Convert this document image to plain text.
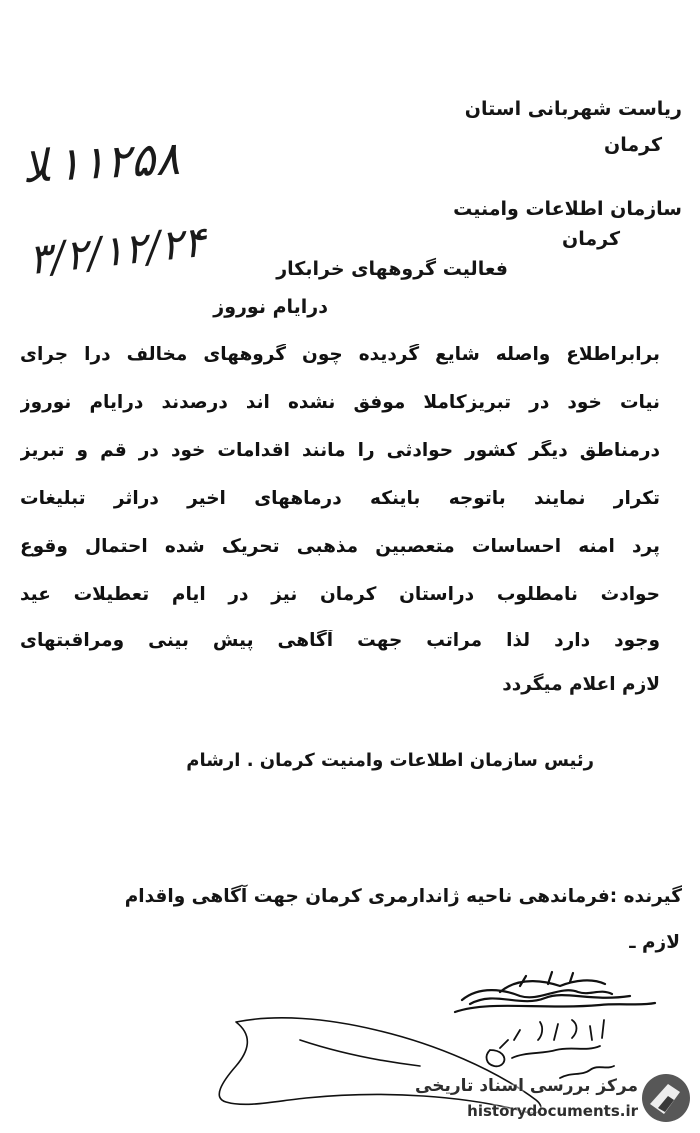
ریاست شهربانی استان
کرمان
سازمان اطلاعات وامنیت
کرمان
ﻼ ۱۱۲۵۸
۳/۲/۱۲/۲۴	فعالیت گروههای خرابکار
درایام نوروز
برابراطلاع واصله شایع گردیده چون گروههای مخالف درا جرای
نیات خود در تبریزکاملا موفق نشده اند درصدند درایام نوروز
درمناطق دیگر کشور حوادثی را مانند اقدامات خود در قم و تبریز
تکرار نمایند باتوجه باینکه درماههای اخیر دراثر تبلیغات
پرد امنه احساسات متعصبین مذهبی تحریک شده احتمال وقوع
حوادث نامطلوب دراستان کرمان نیز در ایام تعطیلات عید
وجود دارد لذا مراتب جهت آگاهی پیش بینی ومراقبتهای
لازم اعلام میگردد
رئیس سازمان اطلاعات وامنیت کرمان . ارشام
گیرنده :فرماندهی ناحیه ژاندارمری کرمان جهت آگاهی واقدام
لازم ـ
مرکز بررسی اسناد تاریخی
historydocuments.ir
